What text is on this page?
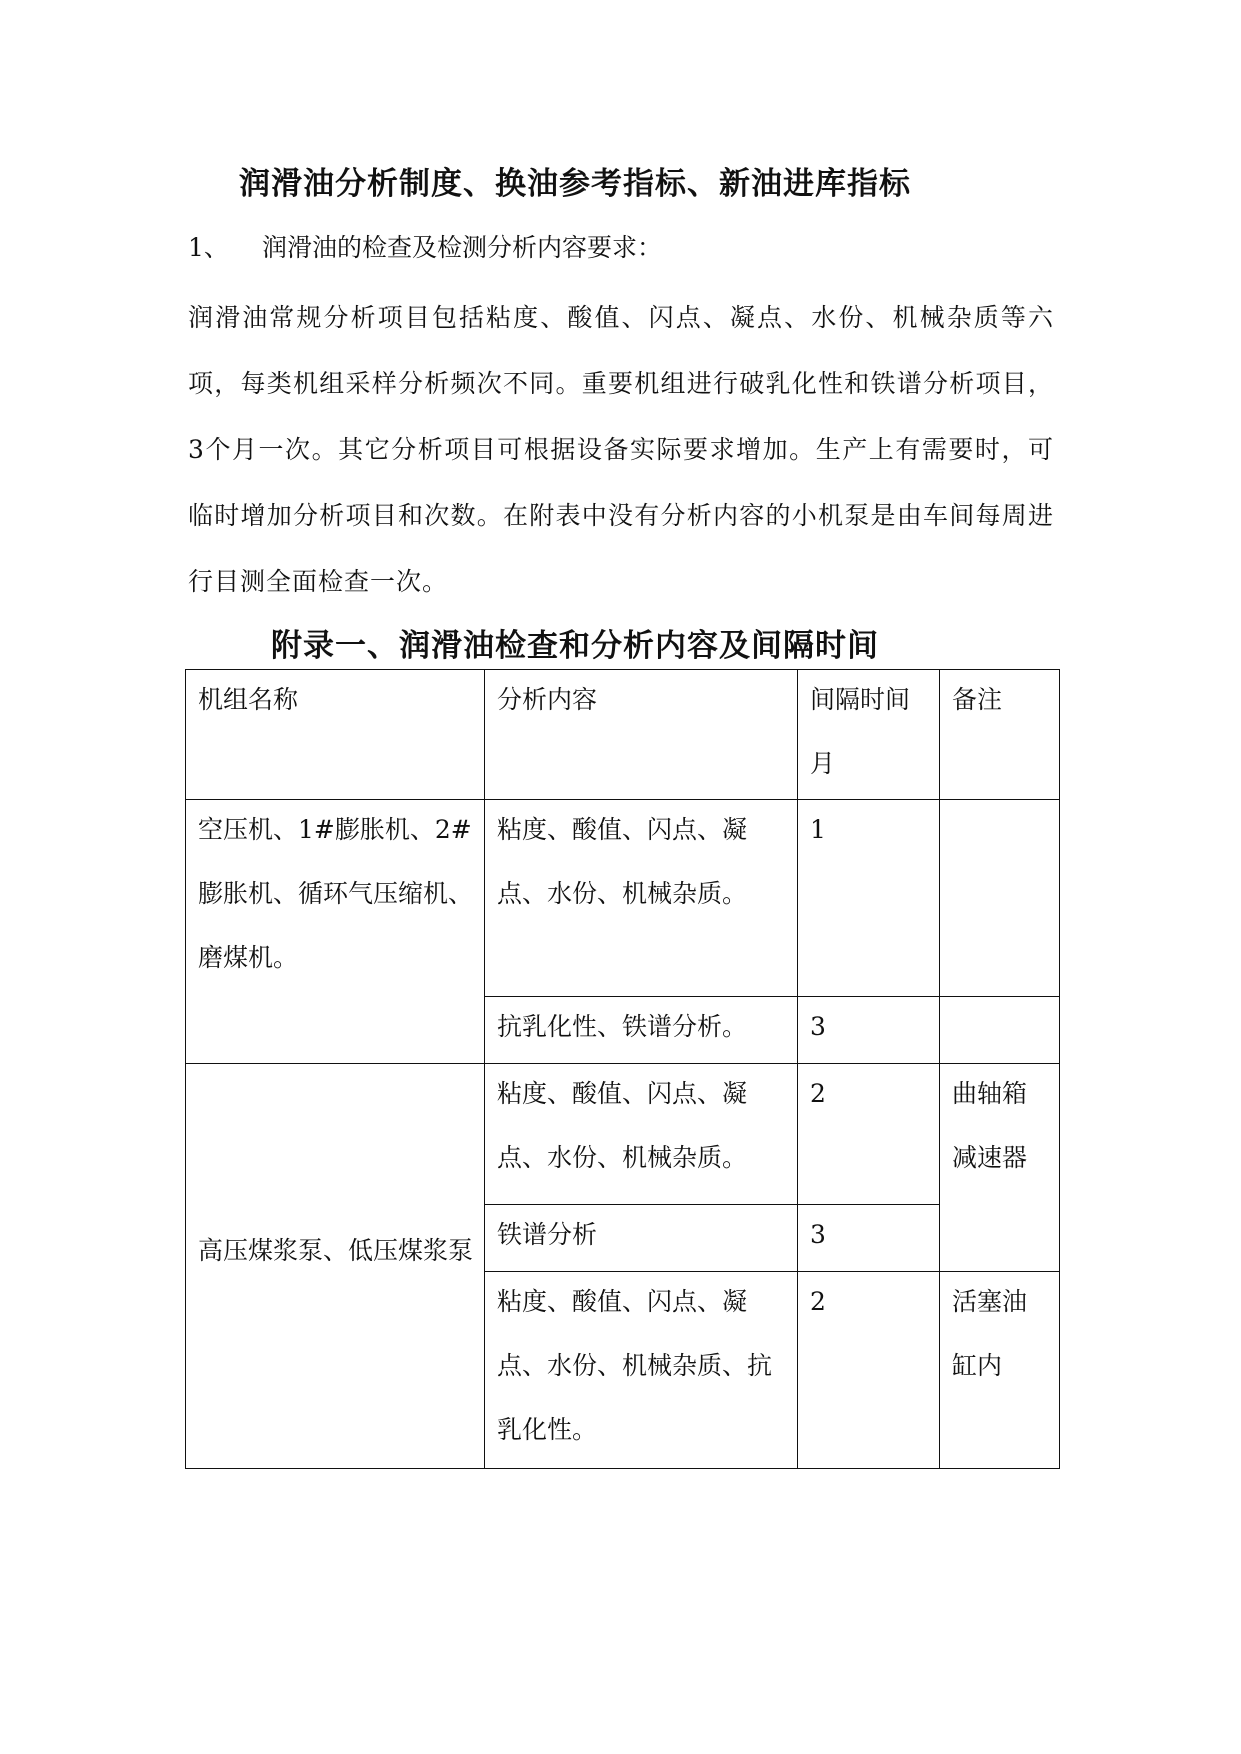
润滑油分析制度、换油参考指标、新油进库指标
1、 润滑油的检查及检测分析内容要求：
润滑油常规分析项目包括粘度、酸值、闪点、凝点、水份、机械杂质等六项，每类机组采样分析频次不同。重要机组进行破乳化性和铁谱分析项目，3个月一次。其它分析项目可根据设备实际要求增加。生产上有需要时，可临时增加分析项目和次数。在附表中没有分析内容的小机泵是由车间每周进行目测全面检查一次。
附录一、润滑油检查和分析内容及间隔时间
机组名称	分析内容	间隔时间月	备注

空压机、1#膨胀机、2#膨胀机、循环气压缩机、磨煤机。	粘度、酸值、闪点、凝点、水份、机械杂质。	1	

	抗乳化性、铁谱分析。	3	

高压煤浆泵、低压煤浆泵	粘度、酸值、闪点、凝点、水份、机械杂质。	2	曲轴箱减速器

	铁谱分析	3	

	粘度、酸值、闪点、凝点、水份、机械杂质、抗乳化性。	2	活塞油缸内
